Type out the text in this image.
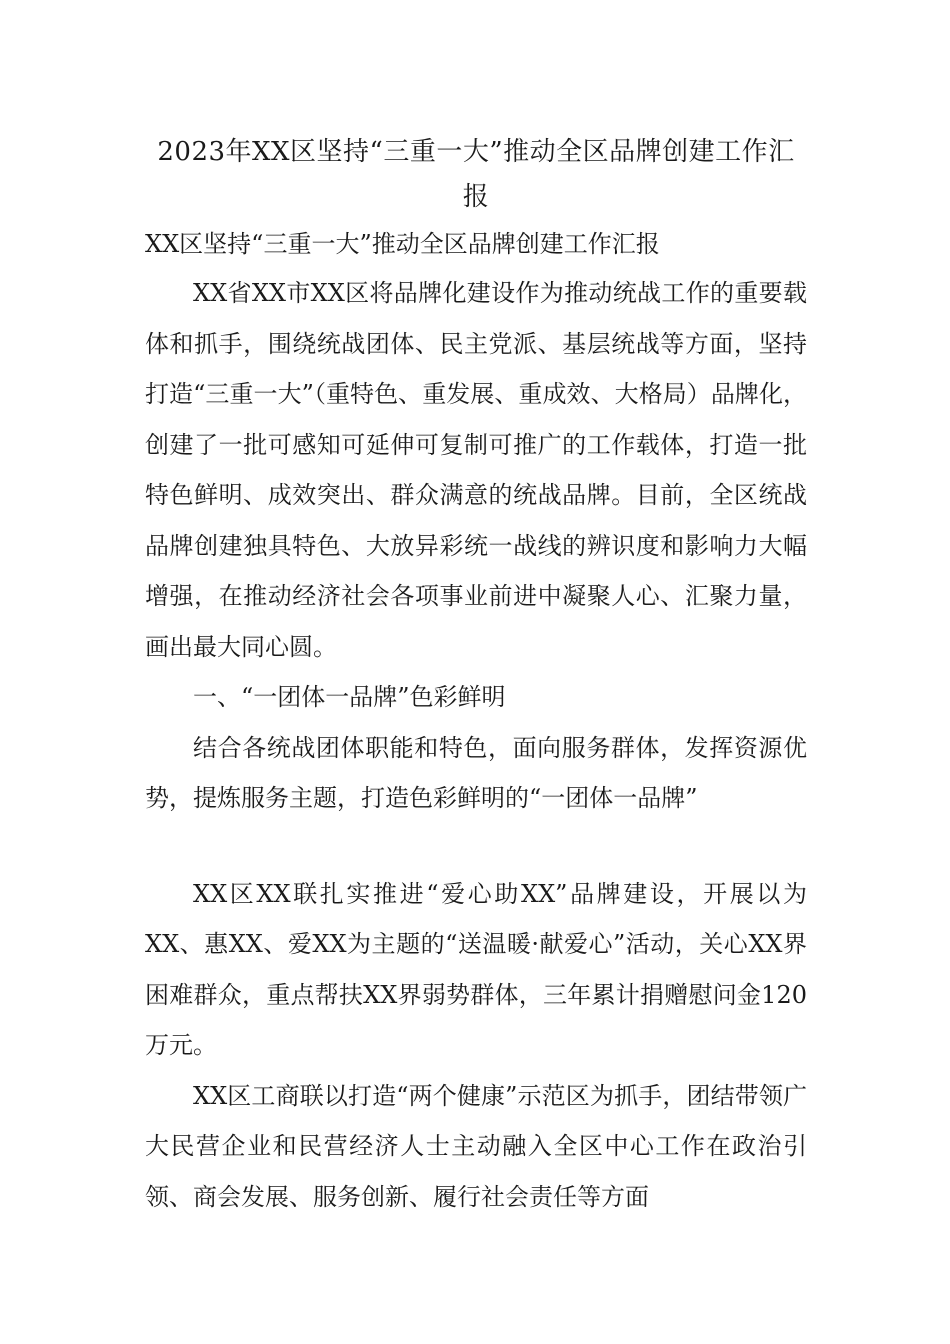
2023年XX区坚持“三重一大”推动全区品牌创建工作汇报
XX区坚持“三重一大”推动全区品牌创建工作汇报

XX省XX市XX区将品牌化建设作为推动统战工作的重要载体和抓手，围绕统战团体、民主党派、基层统战等方面，坚持打造“三重一大”（重特色、重发展、重成效、大格局）品牌化，创建了一批可感知可延伸可复制可推广的工作载体，打造一批特色鲜明、成效突出、群众满意的统战品牌。目前，全区统战品牌创建独具特色、大放异彩统一战线的辨识度和影响力大幅增强，在推动经济社会各项事业前进中凝聚人心、汇聚力量，画出最大同心圆。

一、“一团体一品牌”色彩鲜明

结合各统战团体职能和特色，面向服务群体，发挥资源优势，提炼服务主题，打造色彩鲜明的“一团体一品牌”

XX区XX联扎实推进“爱心助XX”品牌建设，开展以为XX、惠XX、爱XX为主题的“送温暖·献爱心”活动，关心XX界困难群众，重点帮扶XX界弱势群体，三年累计捐赠慰问金120万元。

XX区工商联以打造“两个健康”示范区为抓手，团结带领广大民营企业和民营经济人士主动融入全区中心工作在政治引领、商会发展、服务创新、履行社会责任等方面
